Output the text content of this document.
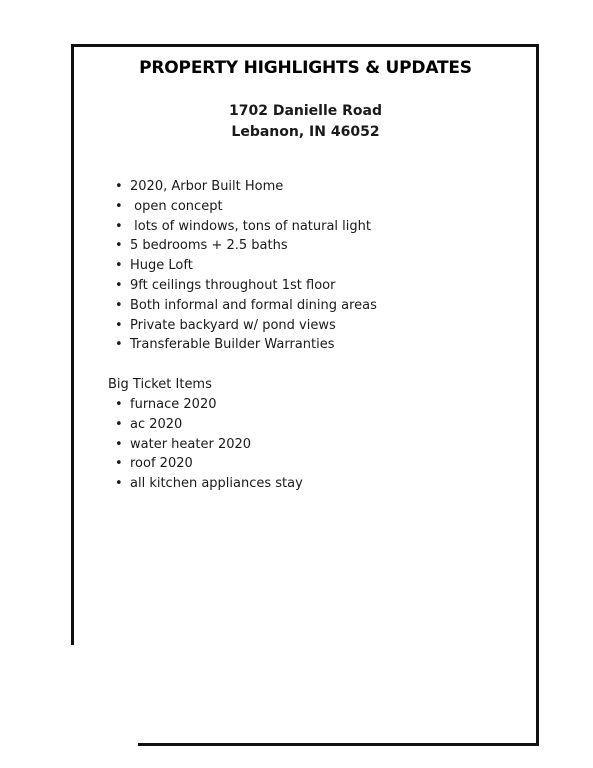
PROPERTY HIGHLIGHTS & UPDATES
1702 Danielle Road
Lebanon, IN 46052
• 2020, Arbor Built Home
• open concept
• lots of windows, tons of natural light
• 5 bedrooms + 2.5 baths
• Huge Loft
• 9ft ceilings throughout 1st floor
• Both informal and formal dining areas
• Private backyard w/ pond views
• Transferable Builder Warranties
Big Ticket Items
• furnace 2020
• ac 2020
• water heater 2020
• roof 2020
• all kitchen appliances stay
